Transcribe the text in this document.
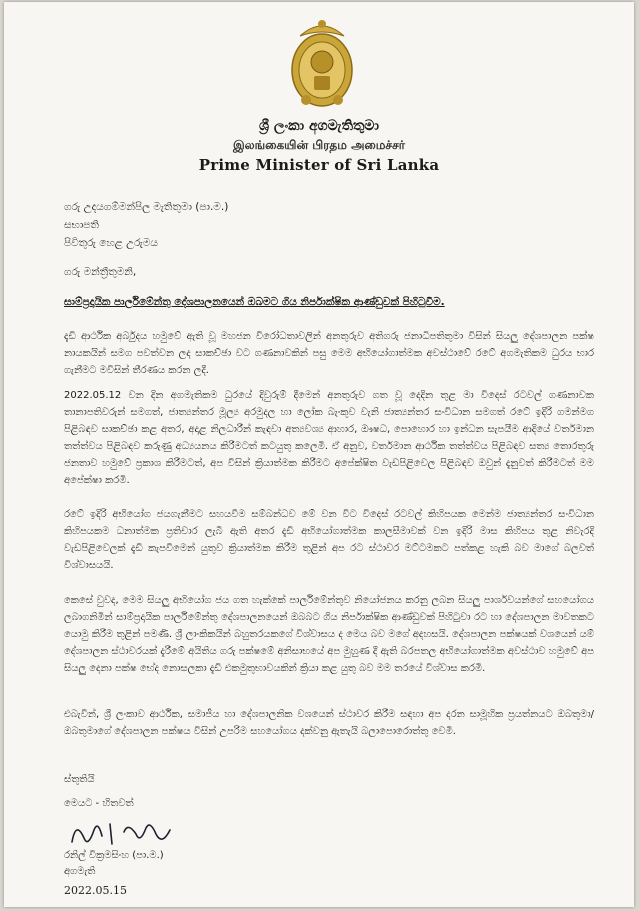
ශ්‍රී ලංකා අගමැතිතුමා

இலங்கையின் பிரதம அமைச்சர்

Prime Minister of Sri Lanka

ගරු උදයගම්මන්පිල මැතිතුමා (පා.ම.)
සභාපති
පිවිතුරු හෙළ උරුමය
ගරු මන්ත්‍රීතුමනි,
සාම්ප්‍රදායික පාර්ලිමේන්තු දේශපාලනයෙන් ඔබමට ගිය නිර්පාක්ෂික ආණ්ඩුවක් පිහිටුවීම.

දැඩි ආර්ථික අර්බුදය හමුවේ ඇති වූ මහජන විරෝධතාවලින් අනතුරුව අතිගරු ජනාධිපතිතුමා විසින් සියලු දේශපාලන පක්ෂ නායකයින් සමග පවත්වන ලද සාකච්ඡා වට ගණනාවකින් පසු මෙම අභියෝගාත්මක අවස්ථාවේ රටේ අගමැතිකම ධුරය භාර ගැනීමට මවිසින් තීරණය කරන ලදී.

2022.05.12 වන දින අගමැතිකම ධුරයේ දිවුරුම් දීමෙන් අනතුරුව ගත වූ දෙදින තුළ මා විදෙස් රටවල් ගණනාවක තානාපතිවරුන් සමගත්, ජාත්‍යන්තර මූල්‍ය අරමුදල හා ලෝක බැංකුව වැනි ජාත්‍යන්තර සංවිධාන සමගත් රටේ ඉදිරි ගමන්මග පිළිබඳව සාකච්ඡා කළ අතර, අදාළ නිලධාරීන් කැඳවා අත්‍යවශ්‍ය ආහාර, ඖෂධ, පොහොර හා ඉන්ධන සැපයීම ආදියේ වර්තමාන තත්ත්වය පිළිබඳව කරුණු අධ්‍යයනය කිරීමටත් කටයුතු කලෙමි. ඒ අනුව, වර්තමාන ආර්ථික තත්ත්වය පිළිබඳව සත්‍ය තොරතුරු ජනතාව හමුවේ ප්‍රකාශ කිරීමටත්, අප විසින් ක්‍රියාත්මක කිරීමට අපේක්ෂිත වැඩපිළිවෙල පිළිබඳව ඔවුන් දැනුවත් කිරීමටත් මම අපේක්ෂා කරමි.

රටේ ඉදිරි අභියෝග ජයගැනීමට සහයවීම සම්බන්ධව මේ වන විට විදෙස් රටවල් කිහිපයක මෙන්ම ජාත්‍යන්තර සංවිධාන කිහිපයකම ධනාත්මක ප්‍රතිචාර ලැබී ඇති අතර දැඩි අභියෝගාත්මක කාලසීමාවක් වන ඉදිරි මාස කිහිපය තුළ නිවැරදි වැඩපිළිවෙලක් දැඩි කැපවීමෙන් යුතුව ක්‍රියාත්මක කිරීම තුළින් අප රට ස්ථාවර මට්ටමකට පත්කළ හැකි බව මාගේ බලවත් විශ්වාසයයි.

කෙසේ වුවද, මෙම සියලු අභියෝග ජය ගත හැක්කේ පාර්ලිමේන්තුව නියෝජනය කරනු ලබන සියලු පාර්ශවයන්ගේ සහයෝගය ලබාගනිමින් සාම්ප්‍රදායික පාර්ලිමේන්තු දේශපාලනයෙන් ඔබබට ගිය නිර්පාක්ෂික ආණ්ඩුවක් පිහිටුවා රට හා දේශපාලන මාවතකට යොමු කිරීම තුළින් පමණි. ශ්‍රී ලාංකිකයින් බහුතරයකගේ විශ්වාසය ද මෙය බව මගේ අදහසයි. දේශපාලන පක්ෂයක් වශයෙන් යම් දේශපාලන ස්ථාවරයක් දැරීමේ අයිතිය ගරු පක්ෂමේ අනිසාභයේ අප මුහුණ දී ඇති බරපතල අභියෝගාත්මක අවස්ථාව හමුවේ අප සියලු දෙනා පක්ෂ භේද නොසලකා දැඩි එකමුතුභාවයකින් ක්‍රියා කළ යුතු බව මම තරයේ විශ්වාස කරමි.

එබැවින්, ශ්‍රී ලංකාව ආර්ථික, සමාජීය හා දේශපාලනික වශයෙන් ස්ථාවර කිරීම සඳහා අප දරන සාමූහික ප්‍රයත්නයට ඔබතුමා/ ඔබතුමාගේ දේශපාලන පක්ෂය විසින් උපරිම සහයෝගය දක්වනු ඇතැයි බලාපොරොත්තු වෙමි.

ස්තුතියි

මෙයට - හිතවත්

රනිල් වික්‍රමසිංහ (පා.ම.)
අගමැති
2022.05.15
